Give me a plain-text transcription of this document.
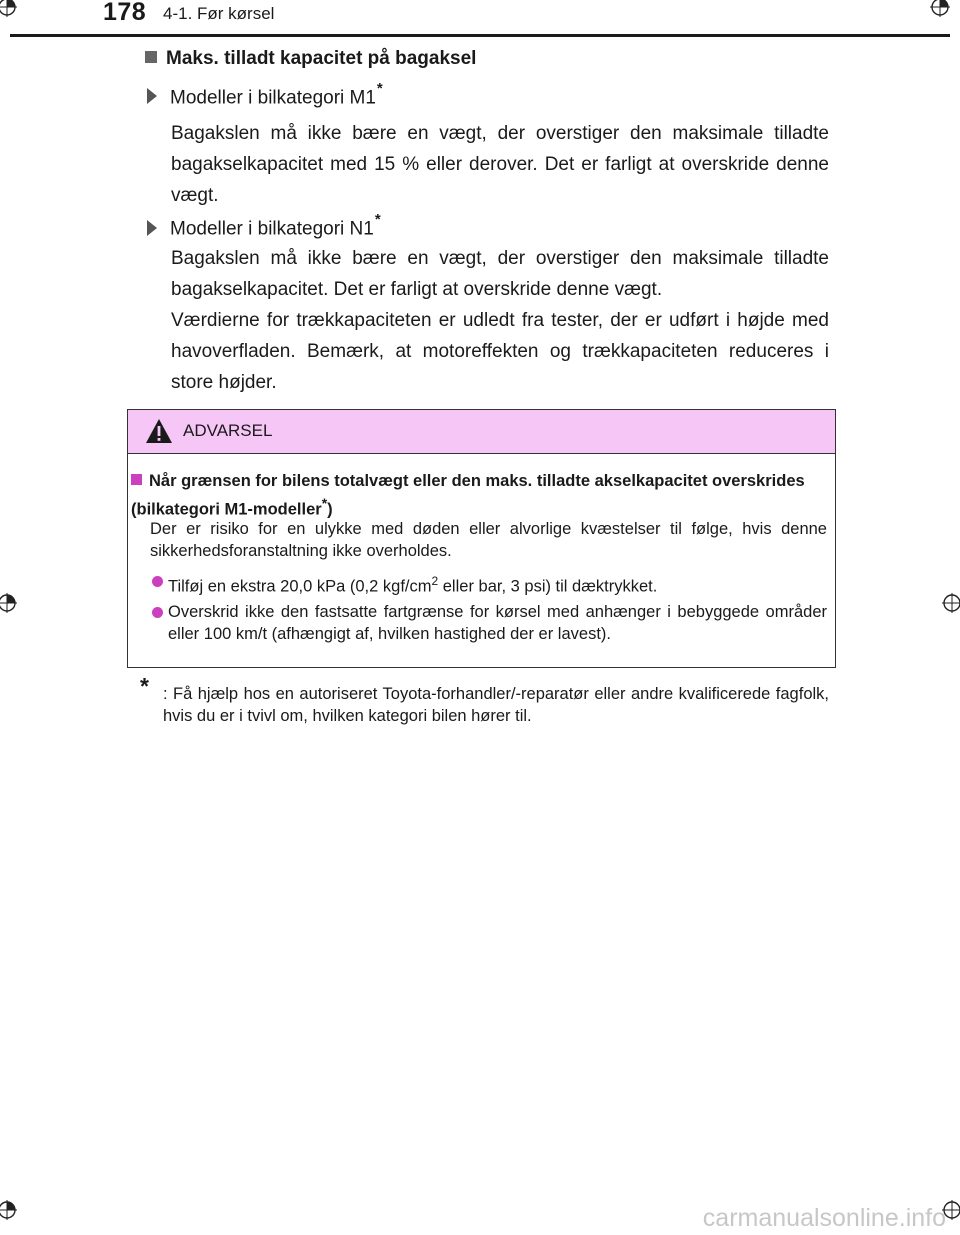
178 4-1. Før kørsel
Maks. tilladt kapacitet på bagaksel
Modeller i bilkategori M1*
Bagakslen må ikke bære en vægt, der overstiger den maksimale tilladte bagakselkapacitet med 15 % eller derover. Det er farligt at overskride denne vægt.
Modeller i bilkategori N1*
Bagakslen må ikke bære en vægt, der overstiger den maksimale tilladte bagakselkapacitet. Det er farligt at overskride denne vægt.
Værdierne for trækkapaciteten er udledt fra tester, der er udført i højde med havoverfladen. Bemærk, at motoreffekten og trækkapaciteten reduceres i store højder.
ADVARSEL
Når grænsen for bilens totalvægt eller den maks. tilladte akselkapacitet overskrides (bilkategori M1-modeller*)
Der er risiko for en ulykke med døden eller alvorlige kvæstelser til følge, hvis denne sikkerhedsforanstaltning ikke overholdes.
Tilføj en ekstra 20,0 kPa (0,2 kgf/$cm^2$ eller bar, 3 psi) til dæktrykket.
Overskrid ikke den fastsatte fartgrænse for kørsel med anhænger i bebyggede områder eller 100 km/t (afhængigt af, hvilken hastighed der er lavest).
* : Få hjælp hos en autoriseret Toyota-forhandler/-reparatør eller andre kvalificerede fagfolk, hvis du er i tvivl om, hvilken kategori bilen hører til.
carmanualsonline.info
